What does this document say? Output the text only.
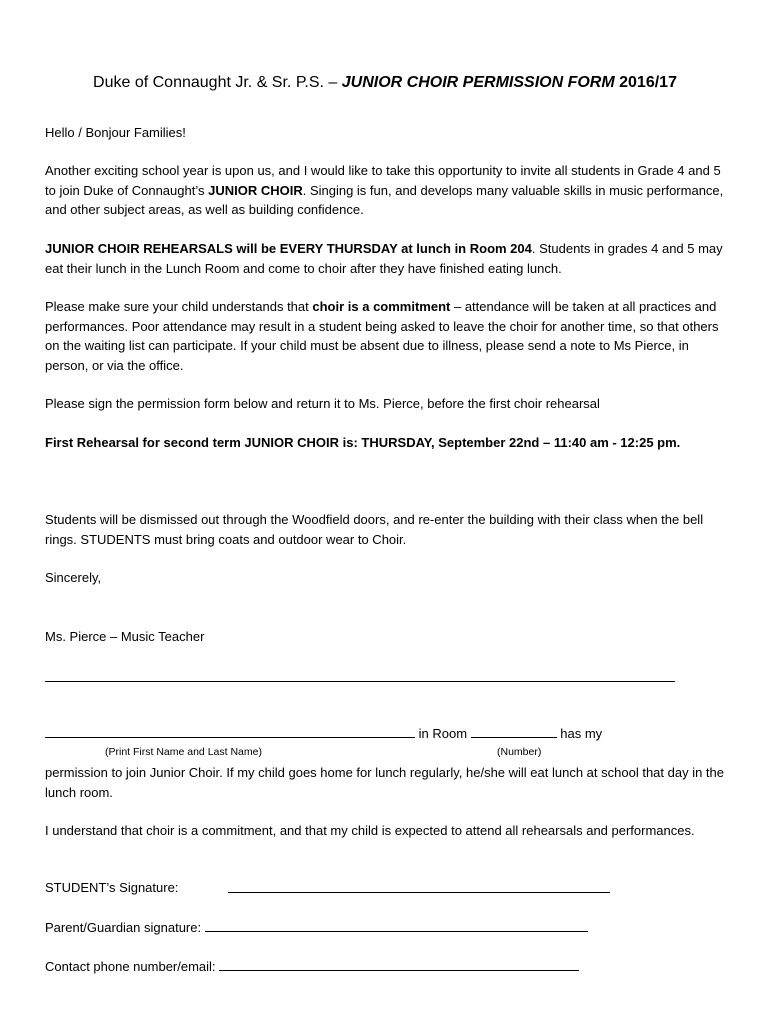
Duke of Connaught Jr. & Sr. P.S. – JUNIOR CHOIR PERMISSION FORM 2016/17
Hello / Bonjour Families!
Another exciting school year is upon us, and I would like to take this opportunity to invite all students in Grade 4 and 5 to join Duke of Connaught’s JUNIOR CHOIR. Singing is fun, and develops many valuable skills in music performance, and other subject areas, as well as building confidence.
JUNIOR CHOIR REHEARSALS will be EVERY THURSDAY at lunch in Room 204. Students in grades 4 and 5 may eat their lunch in the Lunch Room and come to choir after they have finished eating lunch.
Please make sure your child understands that choir is a commitment – attendance will be taken at all practices and performances. Poor attendance may result in a student being asked to leave the choir for another time, so that others on the waiting list can participate. If your child must be absent due to illness, please send a note to Ms Pierce, in person, or via the office.
Please sign the permission form below and return it to Ms. Pierce, before the first choir rehearsal
First Rehearsal for second term JUNIOR CHOIR is: THURSDAY, September 22nd – 11:40 am - 12:25 pm.
Students will be dismissed out through the Woodfield doors, and re-enter the building with their class when the bell rings. STUDENTS must bring coats and outdoor wear to Choir.
Sincerely,
Ms. Pierce – Music Teacher
in Room	has my
(Print First Name and Last Name)	(Number)
permission to join Junior Choir. If my child goes home for lunch regularly, he/she will eat lunch at school that day in the lunch room.
I understand that choir is a commitment, and that my child is expected to attend all rehearsals and performances.
STUDENT’s Signature:
Parent/Guardian signature:
Contact phone number/email:
